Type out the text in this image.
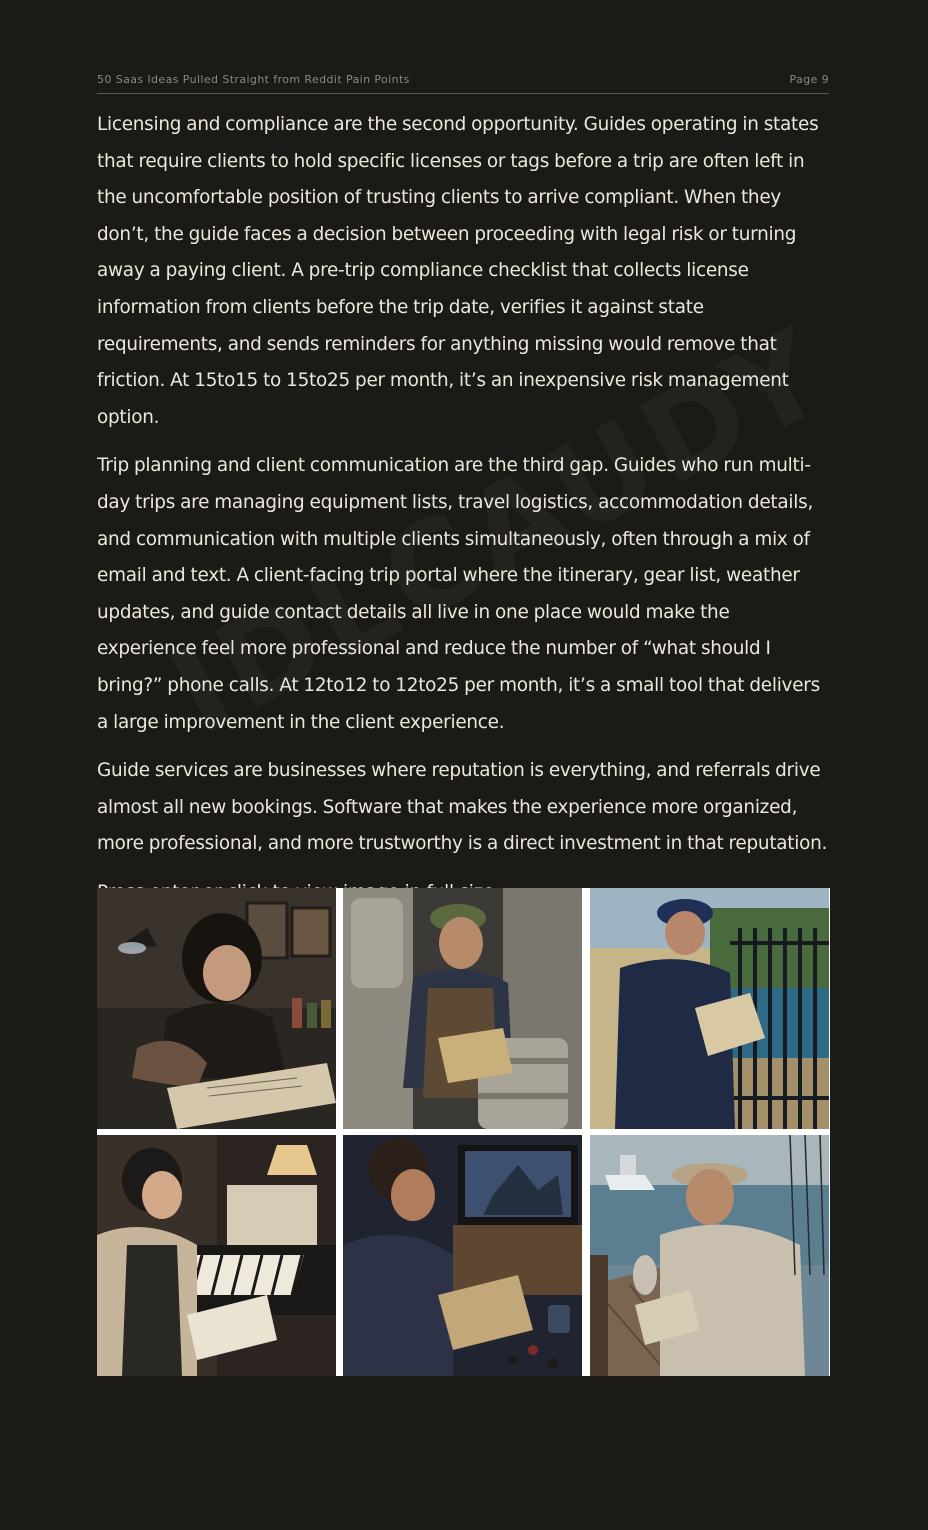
50 Saas Ideas Pulled Straight from Reddit Pain Points	Page 9

Licensing and compliance are the second opportunity. Guides operating in states that require clients to hold specific licenses or tags before a trip are often left in the uncomfortable position of trusting clients to arrive compliant. When they don’t, the guide faces a decision between proceeding with legal risk or turning away a paying client. A pre-trip compliance checklist that collects license information from clients before the trip date, verifies it against state requirements, and sends reminders for anything missing would remove that friction. At 15to15 to 15to25 per month, it’s an inexpensive risk management option.

Trip planning and client communication are the third gap. Guides who run multi-day trips are managing equipment lists, travel logistics, accommodation details, and communication with multiple clients simultaneously, often through a mix of email and text. A client-facing trip portal where the itinerary, gear list, weather updates, and guide contact details all live in one place would make the experience feel more professional and reduce the number of “what should I bring?” phone calls. At 12to12 to 12to25 per month, it’s a small tool that delivers a large improvement in the client experience.

Guide services are businesses where reputation is everything, and referrals drive almost all new bookings. Software that makes the experience more organized, more professional, and more trustworthy is a direct investment in that reputation.
